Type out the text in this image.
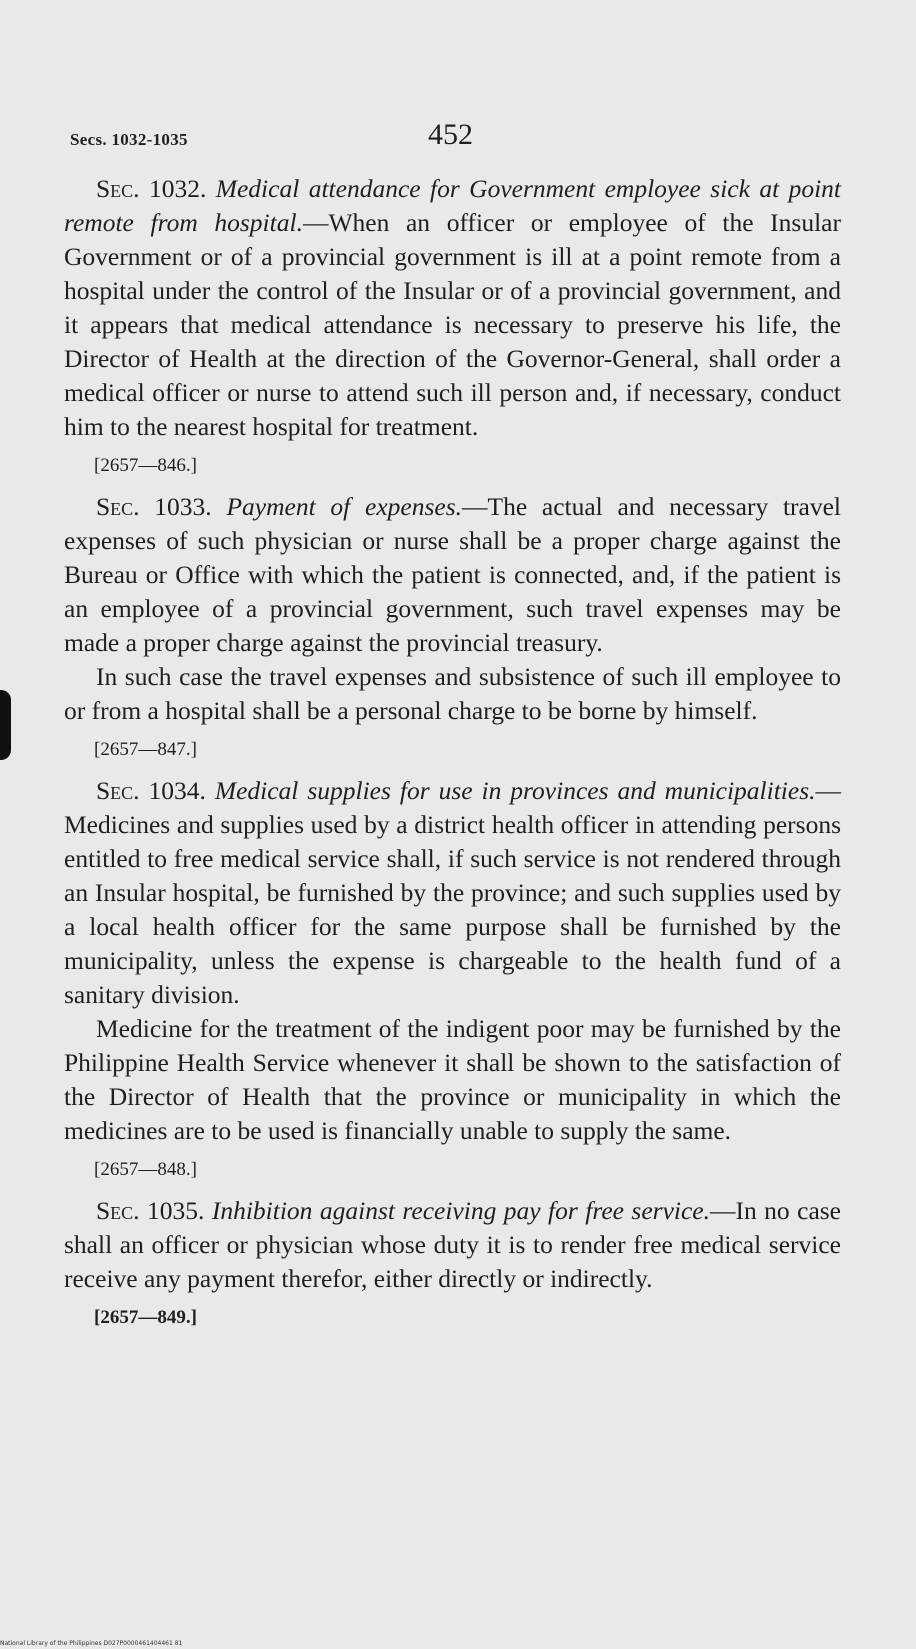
Secs. 1032-1035	452

Sec. 1032. Medical attendance for Government employee sick at point remote from hospital.—When an officer or employee of the Insular Government or of a provincial government is ill at a point remote from a hospital under the control of the Insular or of a provincial government, and it appears that medical attendance is necessary to preserve his life, the Director of Health at the direction of the Governor-General, shall order a medical officer or nurse to attend such ill person and, if necessary, conduct him to the nearest hospital for treatment.

[2657—846.]

Sec. 1033. Payment of expenses.—The actual and necessary travel expenses of such physician or nurse shall be a proper charge against the Bureau or Office with which the patient is connected, and, if the patient is an employee of a provincial government, such travel expenses may be made a proper charge against the provincial treasury.

In such case the travel expenses and subsistence of such ill employee to or from a hospital shall be a personal charge to be borne by himself.

[2657—847.]

Sec. 1034. Medical supplies for use in provinces and municipalities.—Medicines and supplies used by a district health officer in attending persons entitled to free medical service shall, if such service is not rendered through an Insular hospital, be furnished by the province; and such supplies used by a local health officer for the same purpose shall be furnished by the municipality, unless the expense is chargeable to the health fund of a sanitary division.

Medicine for the treatment of the indigent poor may be furnished by the Philippine Health Service whenever it shall be shown to the satisfaction of the Director of Health that the province or municipality in which the medicines are to be used is financially unable to supply the same.

[2657—848.]

Sec. 1035. Inhibition against receiving pay for free service.—In no case shall an officer or physician whose duty it is to render free medical service receive any payment therefor, either directly or indirectly.

[2657—849.]
National Library of the Philippines D027P0000461404461 81
